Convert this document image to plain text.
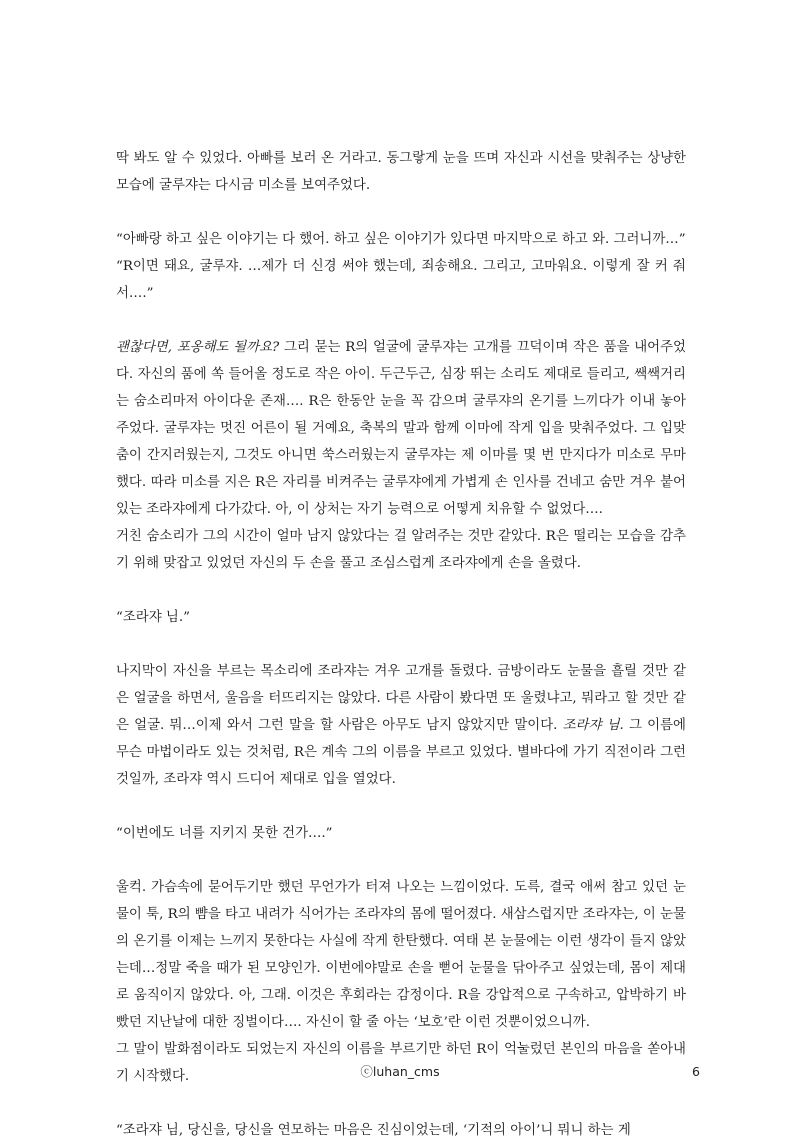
딱 봐도 알 수 있었다. 아빠를 보러 온 거라고. 동그랗게 눈을 뜨며 자신과 시선을 맞춰주는 상냥한 모습에 굴루쟈는 다시금 미소를 보여주었다.

“아빠랑 하고 싶은 이야기는 다 했어. 하고 싶은 이야기가 있다면 마지막으로 하고 와. 그러니까…”

“R이면 돼요, 굴루쟈. …제가 더 신경 써야 했는데, 죄송해요. 그리고, 고마워요. 이렇게 잘 커 줘서….”

괜찮다면, 포옹해도 될까요? 그리 묻는 R의 얼굴에 굴루쟈는 고개를 끄덕이며 작은 품을 내어주었다. 자신의 품에 쏙 들어올 정도로 작은 아이. 두근두근, 심장 뛰는 소리도 제대로 들리고, 쌕쌕거리는 숨소리마저 아이다운 존재…. R은 한동안 눈을 꼭 감으며 굴루쟈의 온기를 느끼다가 이내 놓아주었다. 굴루쟈는 멋진 어른이 될 거예요, 축복의 말과 함께 이마에 작게 입을 맞춰주었다. 그 입맞춤이 간지러웠는지, 그것도 아니면 쑥스러웠는지 굴루쟈는 제 이마를 몇 번 만지다가 미소로 무마했다. 따라 미소를 지은 R은 자리를 비켜주는 굴루쟈에게 가볍게 손 인사를 건네고 숨만 겨우 붙어있는 조라쟈에게 다가갔다. 아, 이 상처는 자기 능력으로 어떻게 치유할 수 없었다….

거친 숨소리가 그의 시간이 얼마 남지 않았다는 걸 알려주는 것만 같았다. R은 떨리는 모습을 감추기 위해 맞잡고 있었던 자신의 두 손을 풀고 조심스럽게 조라쟈에게 손을 올렸다.

“조라쟈 님.”

나지막이 자신을 부르는 목소리에 조라쟈는 겨우 고개를 돌렸다. 금방이라도 눈물을 흘릴 것만 같은 얼굴을 하면서, 울음을 터뜨리지는 않았다. 다른 사람이 봤다면 또 울렸냐고, 뭐라고 할 것만 같은 얼굴. 뭐…이제 와서 그런 말을 할 사람은 아무도 남지 않았지만 말이다. 조라쟈 님. 그 이름에 무슨 마법이라도 있는 것처럼, R은 계속 그의 이름을 부르고 있었다. 별바다에 가기 직전이라 그런 것일까, 조라쟈 역시 드디어 제대로 입을 열었다.

“이번에도 너를 지키지 못한 건가….”

울컥. 가슴속에 묻어두기만 했던 무언가가 터져 나오는 느낌이었다. 도륵, 결국 애써 참고 있던 눈물이 툭, R의 뺨을 타고 내려가 식어가는 조라쟈의 몸에 떨어졌다. 새삼스럽지만 조라쟈는, 이 눈물의 온기를 이제는 느끼지 못한다는 사실에 작게 한탄했다. 여태 본 눈물에는 이런 생각이 들지 않았는데…정말 죽을 때가 된 모양인가. 이번에야말로 손을 뻗어 눈물을 닦아주고 싶었는데, 몸이 제대로 움직이지 않았다. 아, 그래. 이것은 후회라는 감정이다. R을 강압적으로 구속하고, 압박하기 바빴던 지난날에 대한 징벌이다…. 자신이 할 줄 아는 ‘보호’란 이런 것뿐이었으니까.

그 말이 발화점이라도 되었는지 자신의 이름을 부르기만 하던 R이 억눌렀던 본인의 마음을 쏟아내기 시작했다.

“조라쟈 님, 당신을, 당신을 연모하는 마음은 진심이었는데, ‘기적의 아이’니 뭐니 하는 게

ⓒluhan_cms	6
